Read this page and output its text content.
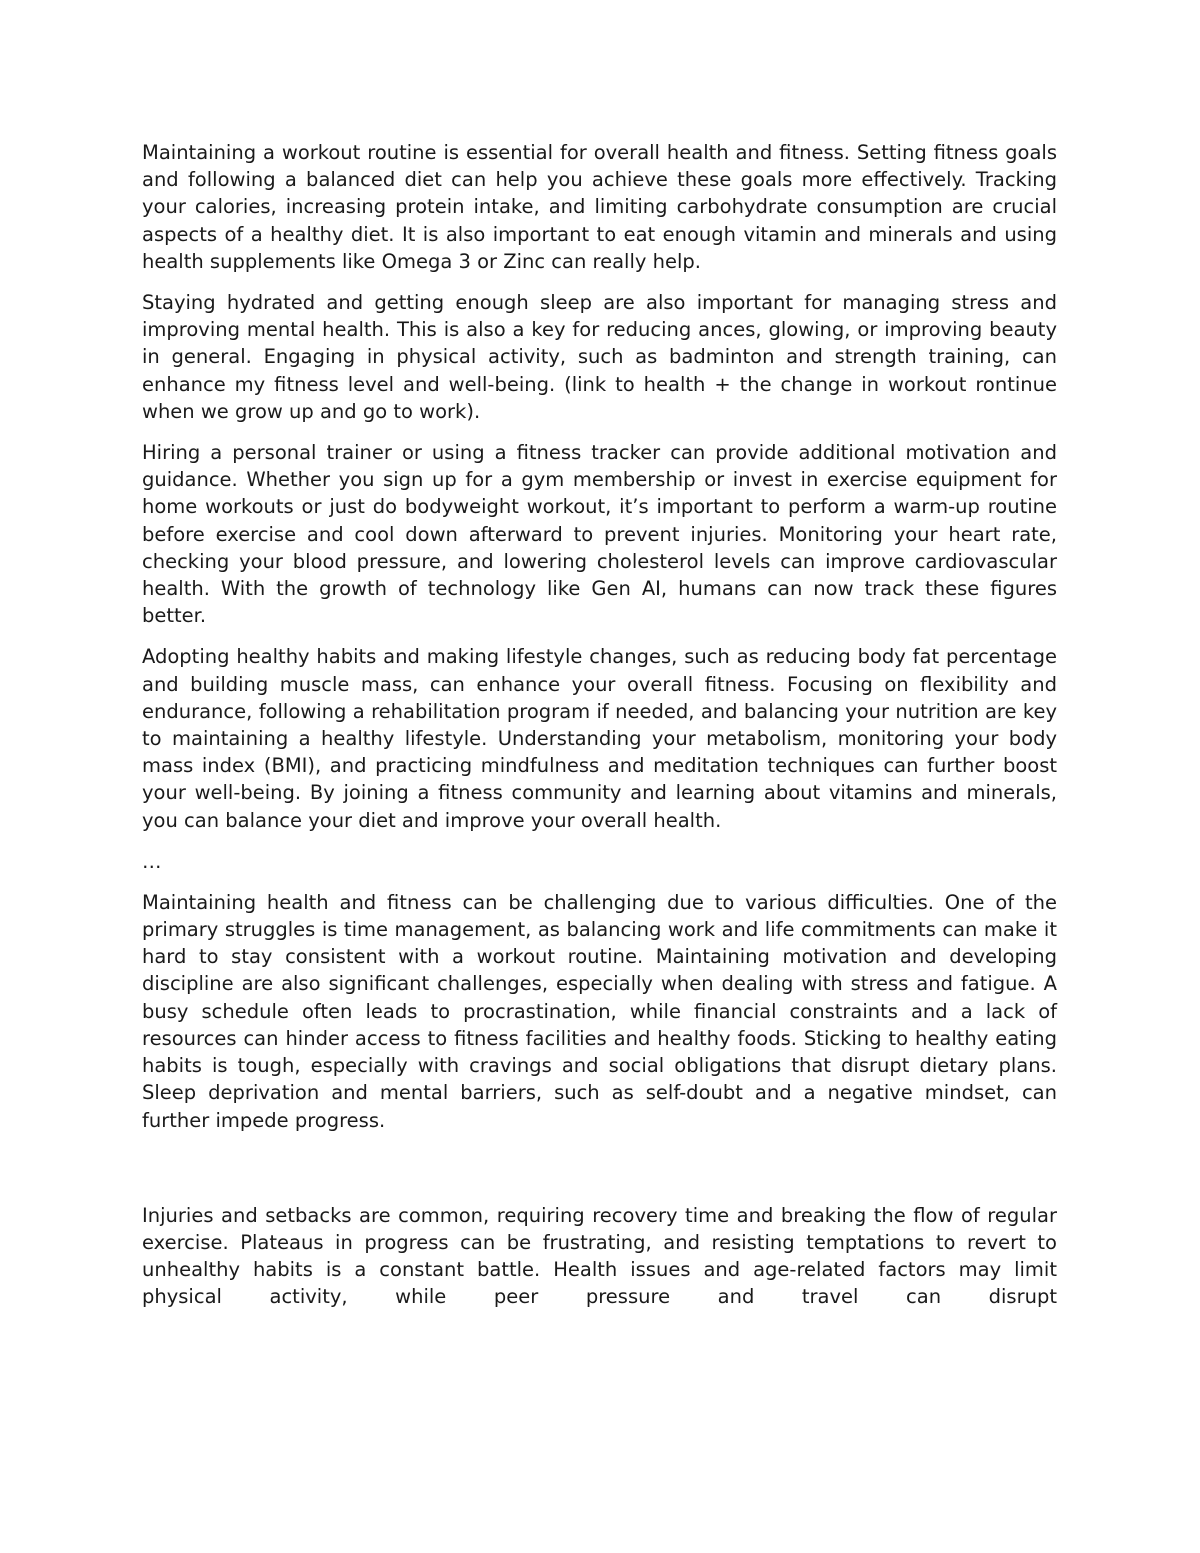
Maintaining a workout routine is essential for overall health and fitness. Setting fitness goals and following a balanced diet can help you achieve these goals more effectively. Tracking your calories, increasing protein intake, and limiting carbohydrate consumption are crucial aspects of a healthy diet. It is also important to eat enough vitamin and minerals and using health supplements like Omega 3 or Zinc can really help.

Staying hydrated and getting enough sleep are also important for managing stress and improving mental health. This is also a key for reducing ances, glowing, or improving beauty in general. Engaging in physical activity, such as badminton and strength training, can enhance my fitness level and well-being. (link to health + the change in workout rontinue when we grow up and go to work).

Hiring a personal trainer or using a fitness tracker can provide additional motivation and guidance. Whether you sign up for a gym membership or invest in exercise equipment for home workouts or just do bodyweight workout, it’s important to perform a warm-up routine before exercise and cool down afterward to prevent injuries. Monitoring your heart rate, checking your blood pressure, and lowering cholesterol levels can improve cardiovascular health. With the growth of technology like Gen AI, humans can now track these figures better.

Adopting healthy habits and making lifestyle changes, such as reducing body fat percentage and building muscle mass, can enhance your overall fitness. Focusing on flexibility and endurance, following a rehabilitation program if needed, and balancing your nutrition are key to maintaining a healthy lifestyle. Understanding your metabolism, monitoring your body mass index (BMI), and practicing mindfulness and meditation techniques can further boost your well-being. By joining a fitness community and learning about vitamins and minerals, you can balance your diet and improve your overall health.

…

Maintaining health and fitness can be challenging due to various difficulties. One of the primary struggles is time management, as balancing work and life commitments can make it hard to stay consistent with a workout routine. Maintaining motivation and developing discipline are also significant challenges, especially when dealing with stress and fatigue. A busy schedule often leads to procrastination, while financial constraints and a lack of resources can hinder access to fitness facilities and healthy foods. Sticking to healthy eating habits is tough, especially with cravings and social obligations that disrupt dietary plans. Sleep deprivation and mental barriers, such as self-doubt and a negative mindset, can further impede progress.

Injuries and setbacks are common, requiring recovery time and breaking the flow of regular exercise. Plateaus in progress can be frustrating, and resisting temptations to revert to unhealthy habits is a constant battle. Health issues and age-related factors may limit physical activity, while peer pressure and travel can disrupt
